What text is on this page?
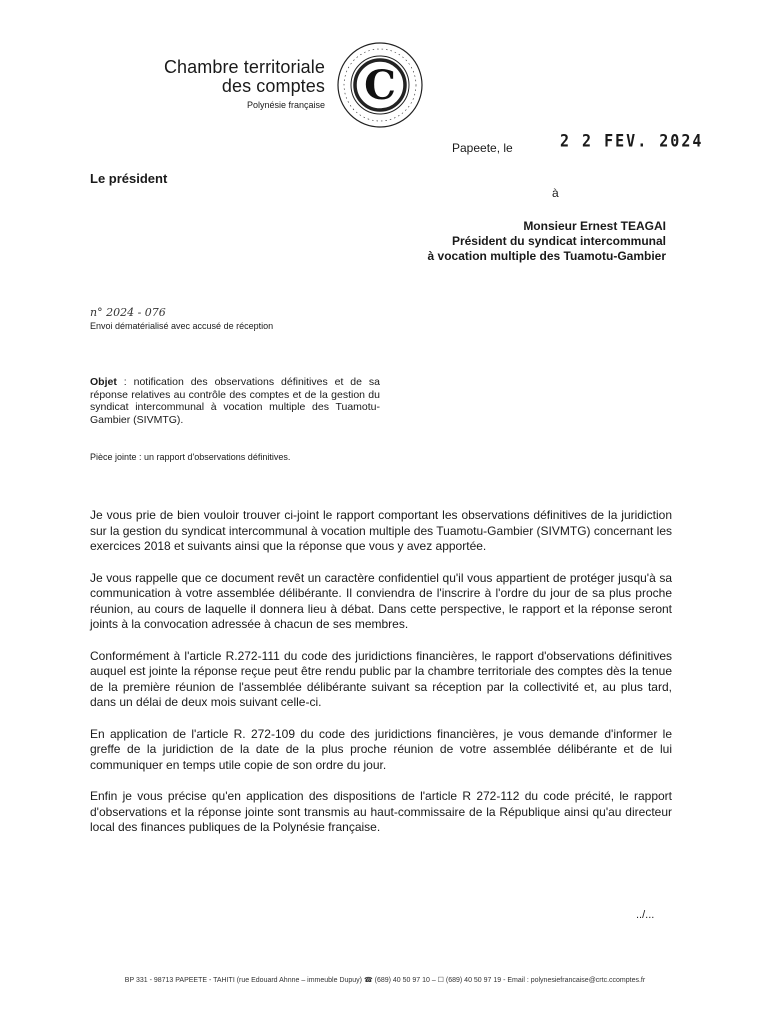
Chambre territoriale
des comptes
Polynésie française C
Papeete, le	2 2 FEV. 2024
Le président
à
Monsieur Ernest TEAGAI
Président du syndicat intercommunal
à vocation multiple des Tuamotu-Gambier
n° 2024 - 076
Envoi dématérialisé avec accusé de réception
Objet : notification des observations définitives et de sa réponse relatives au contrôle des comptes et de la gestion du syndicat intercommunal à vocation multiple des Tuamotu-Gambier (SIVMTG).
Pièce jointe : un rapport d'observations définitives.

Je vous prie de bien vouloir trouver ci-joint le rapport comportant les observations définitives de la juridiction sur la gestion du syndicat intercommunal à vocation multiple des Tuamotu-Gambier (SIVMTG) concernant les exercices 2018 et suivants ainsi que la réponse que vous y avez apportée.

Je vous rappelle que ce document revêt un caractère confidentiel qu'il vous appartient de protéger jusqu'à sa communication à votre assemblée délibérante. Il conviendra de l'inscrire à l'ordre du jour de sa plus proche réunion, au cours de laquelle il donnera lieu à débat. Dans cette perspective, le rapport et la réponse seront joints à la convocation adressée à chacun de ses membres.

Conformément à l'article R.272-111 du code des juridictions financières, le rapport d'observations définitives auquel est jointe la réponse reçue peut être rendu public par la chambre territoriale des comptes dès la tenue de la première réunion de l'assemblée délibérante suivant sa réception par la collectivité et, au plus tard, dans un délai de deux mois suivant celle-ci.

En application de l'article R. 272-109 du code des juridictions financières, je vous demande d'informer le greffe de la juridiction de la date de la plus proche réunion de votre assemblée délibérante et de lui communiquer en temps utile copie de son ordre du jour.

Enfin je vous précise qu'en application des dispositions de l'article R 272-112 du code précité, le rapport d'observations et la réponse jointe sont transmis au haut-commissaire de la République ainsi qu'au directeur local des finances publiques de la Polynésie française.

../...
BP 331 - 98713 PAPEETE - TAHITI (rue Edouard Ahnne – immeuble Dupuy) ☎ (689) 40 50 97 10 – ☐ (689) 40 50 97 19 - Email : polynesiefrancaise@crtc.ccomptes.fr
